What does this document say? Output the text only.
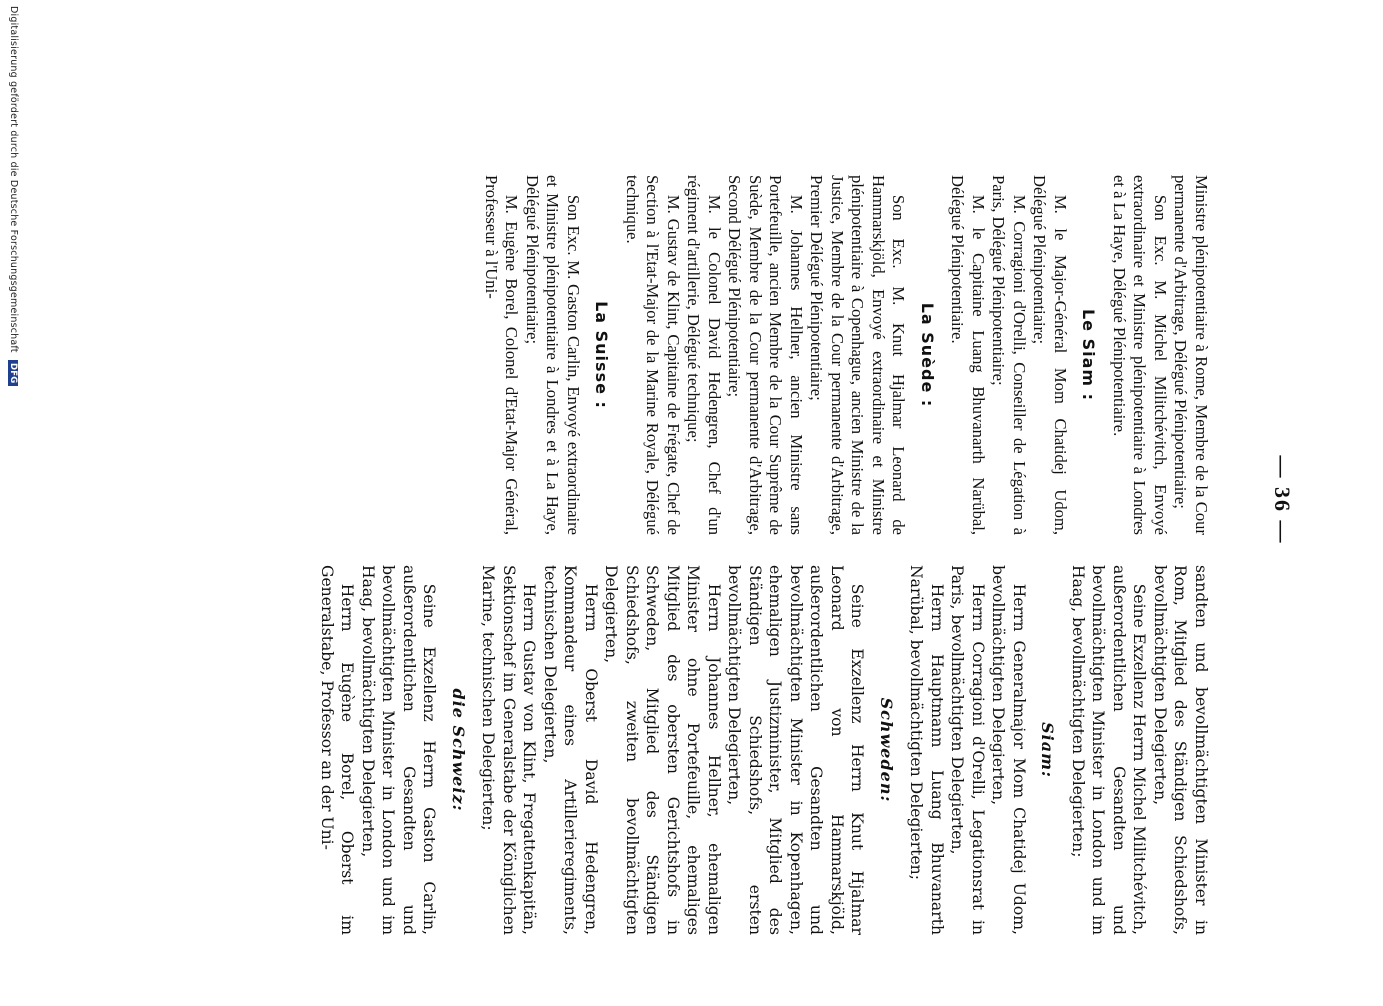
— 36 —

Ministre plénipotentiaire à Rome, Membre de la Cour permanente d'Arbitrage, Délégué Plénipotentiaire;

Son Exc. M. Michel Militchévitch, Envoyé extraordinaire et Ministre plénipotentiaire à Londres et à La Haye, Délégué Plénipotentiaire.

Le Siam :

M. le Major-Général Mom Chatidej Udom, Délégué Plénipotentiaire;

M. Corragioni d'Orelli, Conseiller de Légation à Paris, Délégué Plénipotentiaire;

M. le Capitaine Luang Bhuvanarth Narübal, Délégué Plénipotentiaire.

La Suède :

Son Exc. M. Knut Hjalmar Leonard de Hammarskjöld, Envoyé extraordinaire et Ministre plénipotentiaire à Copenhague, ancien Ministre de la Justice, Membre de la Cour permanente d'Arbitrage, Premier Délégué Plénipotentiaire;

M. Johannes Hellner, ancien Ministre sans Portefeuille, ancien Membre de la Cour Suprême de Suède, Membre de la Cour permanente d'Arbitrage, Second Délégué Plénipotentiaire;

M. le Colonel David Hedengren, Chef d'un régiment d'artillerie, Délégué technique;

M. Gustav de Klint, Capitaine de Frégate, Chef de Section à l'Etat-Major de la Marine Royale, Délégué technique.

La Suisse :

Son Exc. M. Gaston Carlin, Envoyé extraordinaire et Ministre plénipotentiaire à Londres et à La Haye, Délégué Plénipotentiaire;

M. Eugène Borel, Colonel d'Etat-Major Général, Professeur à l'Uni-

sandten und bevollmächtigten Minister in Rom, Mitglied des Ständigen Schiedshofs, bevollmächtigten Delegierten,

Seine Exzellenz Herrn Michel Militchévitch, außerordentlichen Gesandten und bevollmächtigten Minister in London und im Haag, bevollmächtigten Delegierten;

Siam:

Herrn Generalmajor Mom Chatidej Udom, bevollmächtigten Delegierten,

Herrn Corragioni d'Orelli, Legationsrat in Paris, bevollmächtigten Delegierten,

Herrn Hauptmann Luang Bhuvanarth Narübal, bevollmächtigten Delegierten;

Schweden:

Seine Exzellenz Herrn Knut Hjalmar Leonard von Hammarskjöld, außerordentlichen Gesandten und bevollmächtigten Minister in Kopenhagen, ehemaligen Justizminister, Mitglied des Ständigen Schiedshofs, ersten bevollmächtigten Delegierten,

Herrn Johannes Hellner, ehemaligen Minister ohne Portefeuille, ehemaliges Mitglied des obersten Gerichtshofs in Schweden, Mitglied des Ständigen Schiedshofs, zweiten bevollmächtigten Delegierten,

Herrn Oberst David Hedengren, Kommandeur eines Artillerieregiments, technischen Delegierten,

Herrn Gustav von Klint, Fregattenkapitän, Sektionschef im Generalstabe der Königlichen Marine, technischen Delegierten;

die Schweiz:

Seine Exzellenz Herrn Gaston Carlin, außerordentlichen Gesandten und bevollmächtigten Minister in London und im Haag, bevollmächtigten Delegierten,

Herrn Eugène Borel, Oberst im Generalstabe, Professor an der Uni-

Digitalisierung gefördert durch die Deutsche Forschungsgemeinschaft DFG
